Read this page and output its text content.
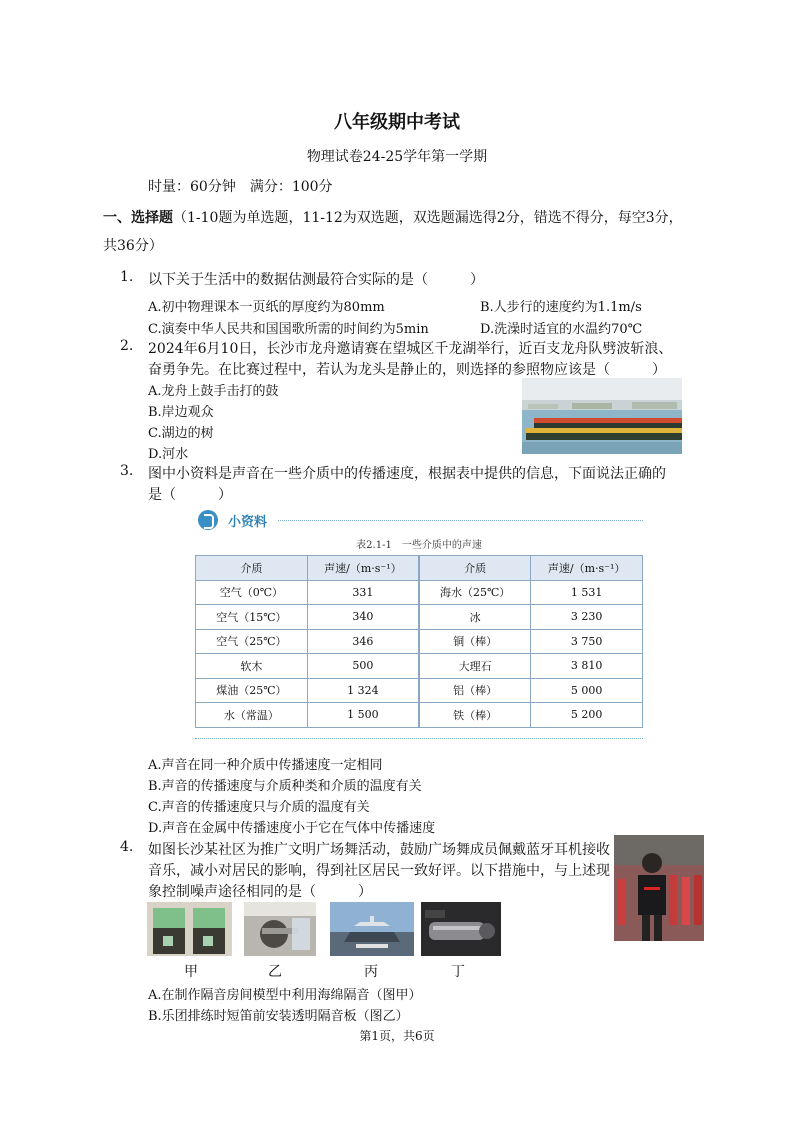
八年级期中考试
物理试卷24-25学年第一学期
时量：60分钟　满分：100分
一、选择题（1-10题为单选题，11-12为双选题，双选题漏选得2分，错选不得分，每空3分，
共36分）
1. 以下关于生活中的数据估测最符合实际的是（　　　）
A.初中物理课本一页纸的厚度约为80mm	B.人步行的速度约为1.1m/s
C.演奏中华人民共和国国歌所需的时间约为5min	D.洗澡时适宜的水温约70℃
2. 2024年6月10日，长沙市龙舟邀请赛在望城区千龙湖举行，近百支龙舟队劈波斩浪、
奋勇争先。在比赛过程中，若认为龙头是静止的，则选择的参照物应该是（　　　）
A.龙舟上鼓手击打的鼓
B.岸边观众
C.湖边的树
D.河水
3. 图中小资料是声音在一些介质中的传播速度，根据表中提供的信息，下面说法正确的
是（　　　）
小资料
表2.1-1　一些介质中的声速
介质	声速/（m·s⁻¹）	介质	声速/（m·s⁻¹）
空气（0℃）	331	海水（25℃）	1 531
空气（15℃）	340	冰	3 230
空气（25℃）	346	铜（棒）	3 750
软木	500	大理石	3 810
煤油（25℃）	1 324	铝（棒）	5 000
水（常温）	1 500	铁（棒）	5 200
A.声音在同一种介质中传播速度一定相同
B.声音的传播速度与介质种类和介质的温度有关
C.声音的传播速度只与介质的温度有关
D.声音在金属中传播速度小于它在气体中传播速度
4. 如图长沙某社区为推广文明广场舞活动，鼓励广场舞成员佩戴蓝牙耳机接收
音乐，减小对居民的影响，得到社区居民一致好评。以下措施中，与上述现
象控制噪声途径相同的是（　　　）
甲	乙	丙	丁
A.在制作隔音房间模型中利用海绵隔音（图甲）
B.乐团排练时短笛前安装透明隔音板（图乙）
第1页，共6页
